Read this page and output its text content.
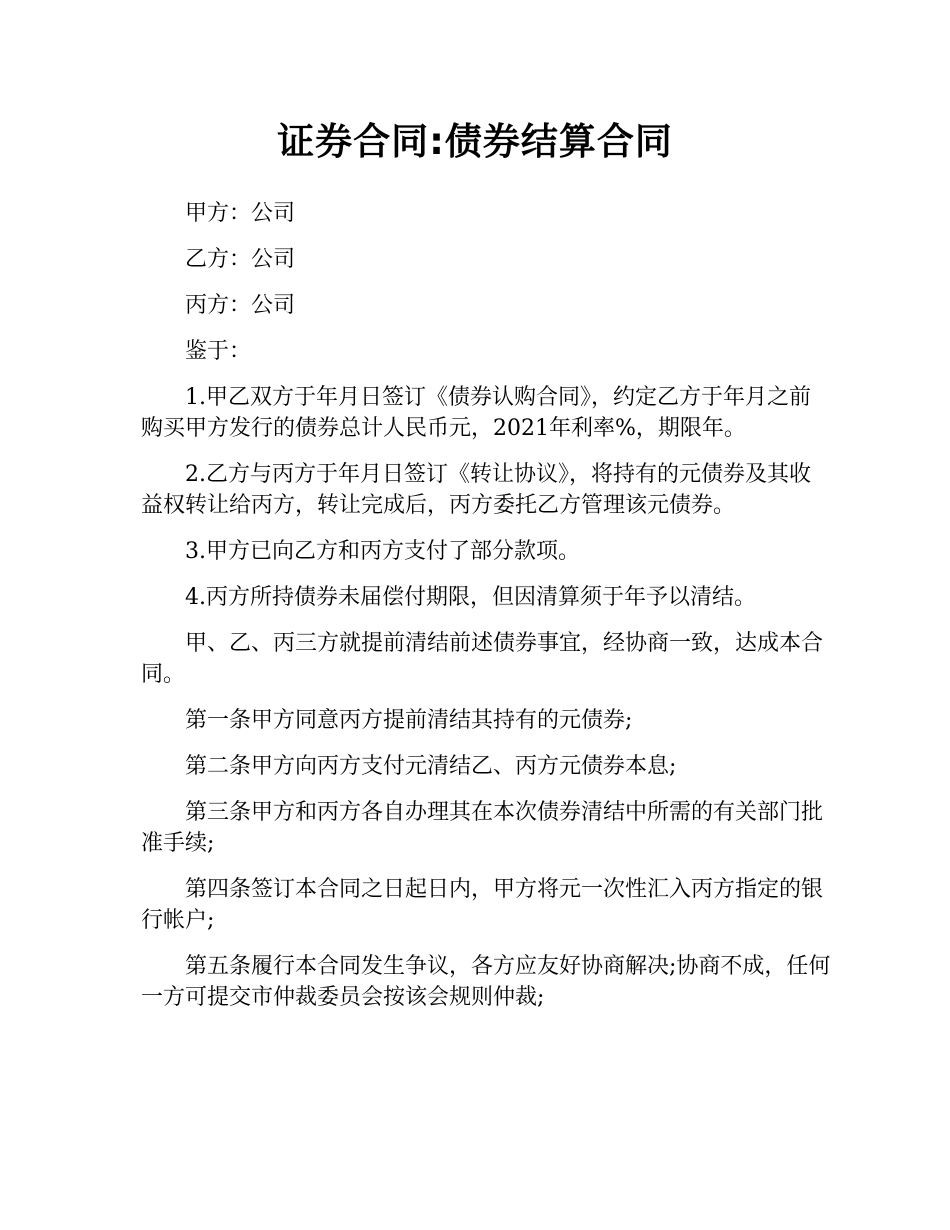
证券合同:债券结算合同

甲方：公司

乙方：公司

丙方：公司

鉴于：

1.甲乙双方于年月日签订《债券认购合同》，约定乙方于年月之前购买甲方发行的债券总计人民币元，2021年利率%，期限年。

2.乙方与丙方于年月日签订《转让协议》，将持有的元债券及其收益权转让给丙方，转让完成后，丙方委托乙方管理该元债券。

3.甲方已向乙方和丙方支付了部分款项。

4.丙方所持债券未届偿付期限，但因清算须于年予以清结。

甲、乙、丙三方就提前清结前述债券事宜，经协商一致，达成本合同。

第一条甲方同意丙方提前清结其持有的元债券;

第二条甲方向丙方支付元清结乙、丙方元债券本息;

第三条甲方和丙方各自办理其在本次债券清结中所需的有关部门批准手续;

第四条签订本合同之日起日内，甲方将元一次性汇入丙方指定的银行帐户;

第五条履行本合同发生争议，各方应友好协商解决;协商不成，任何一方可提交市仲裁委员会按该会规则仲裁;
